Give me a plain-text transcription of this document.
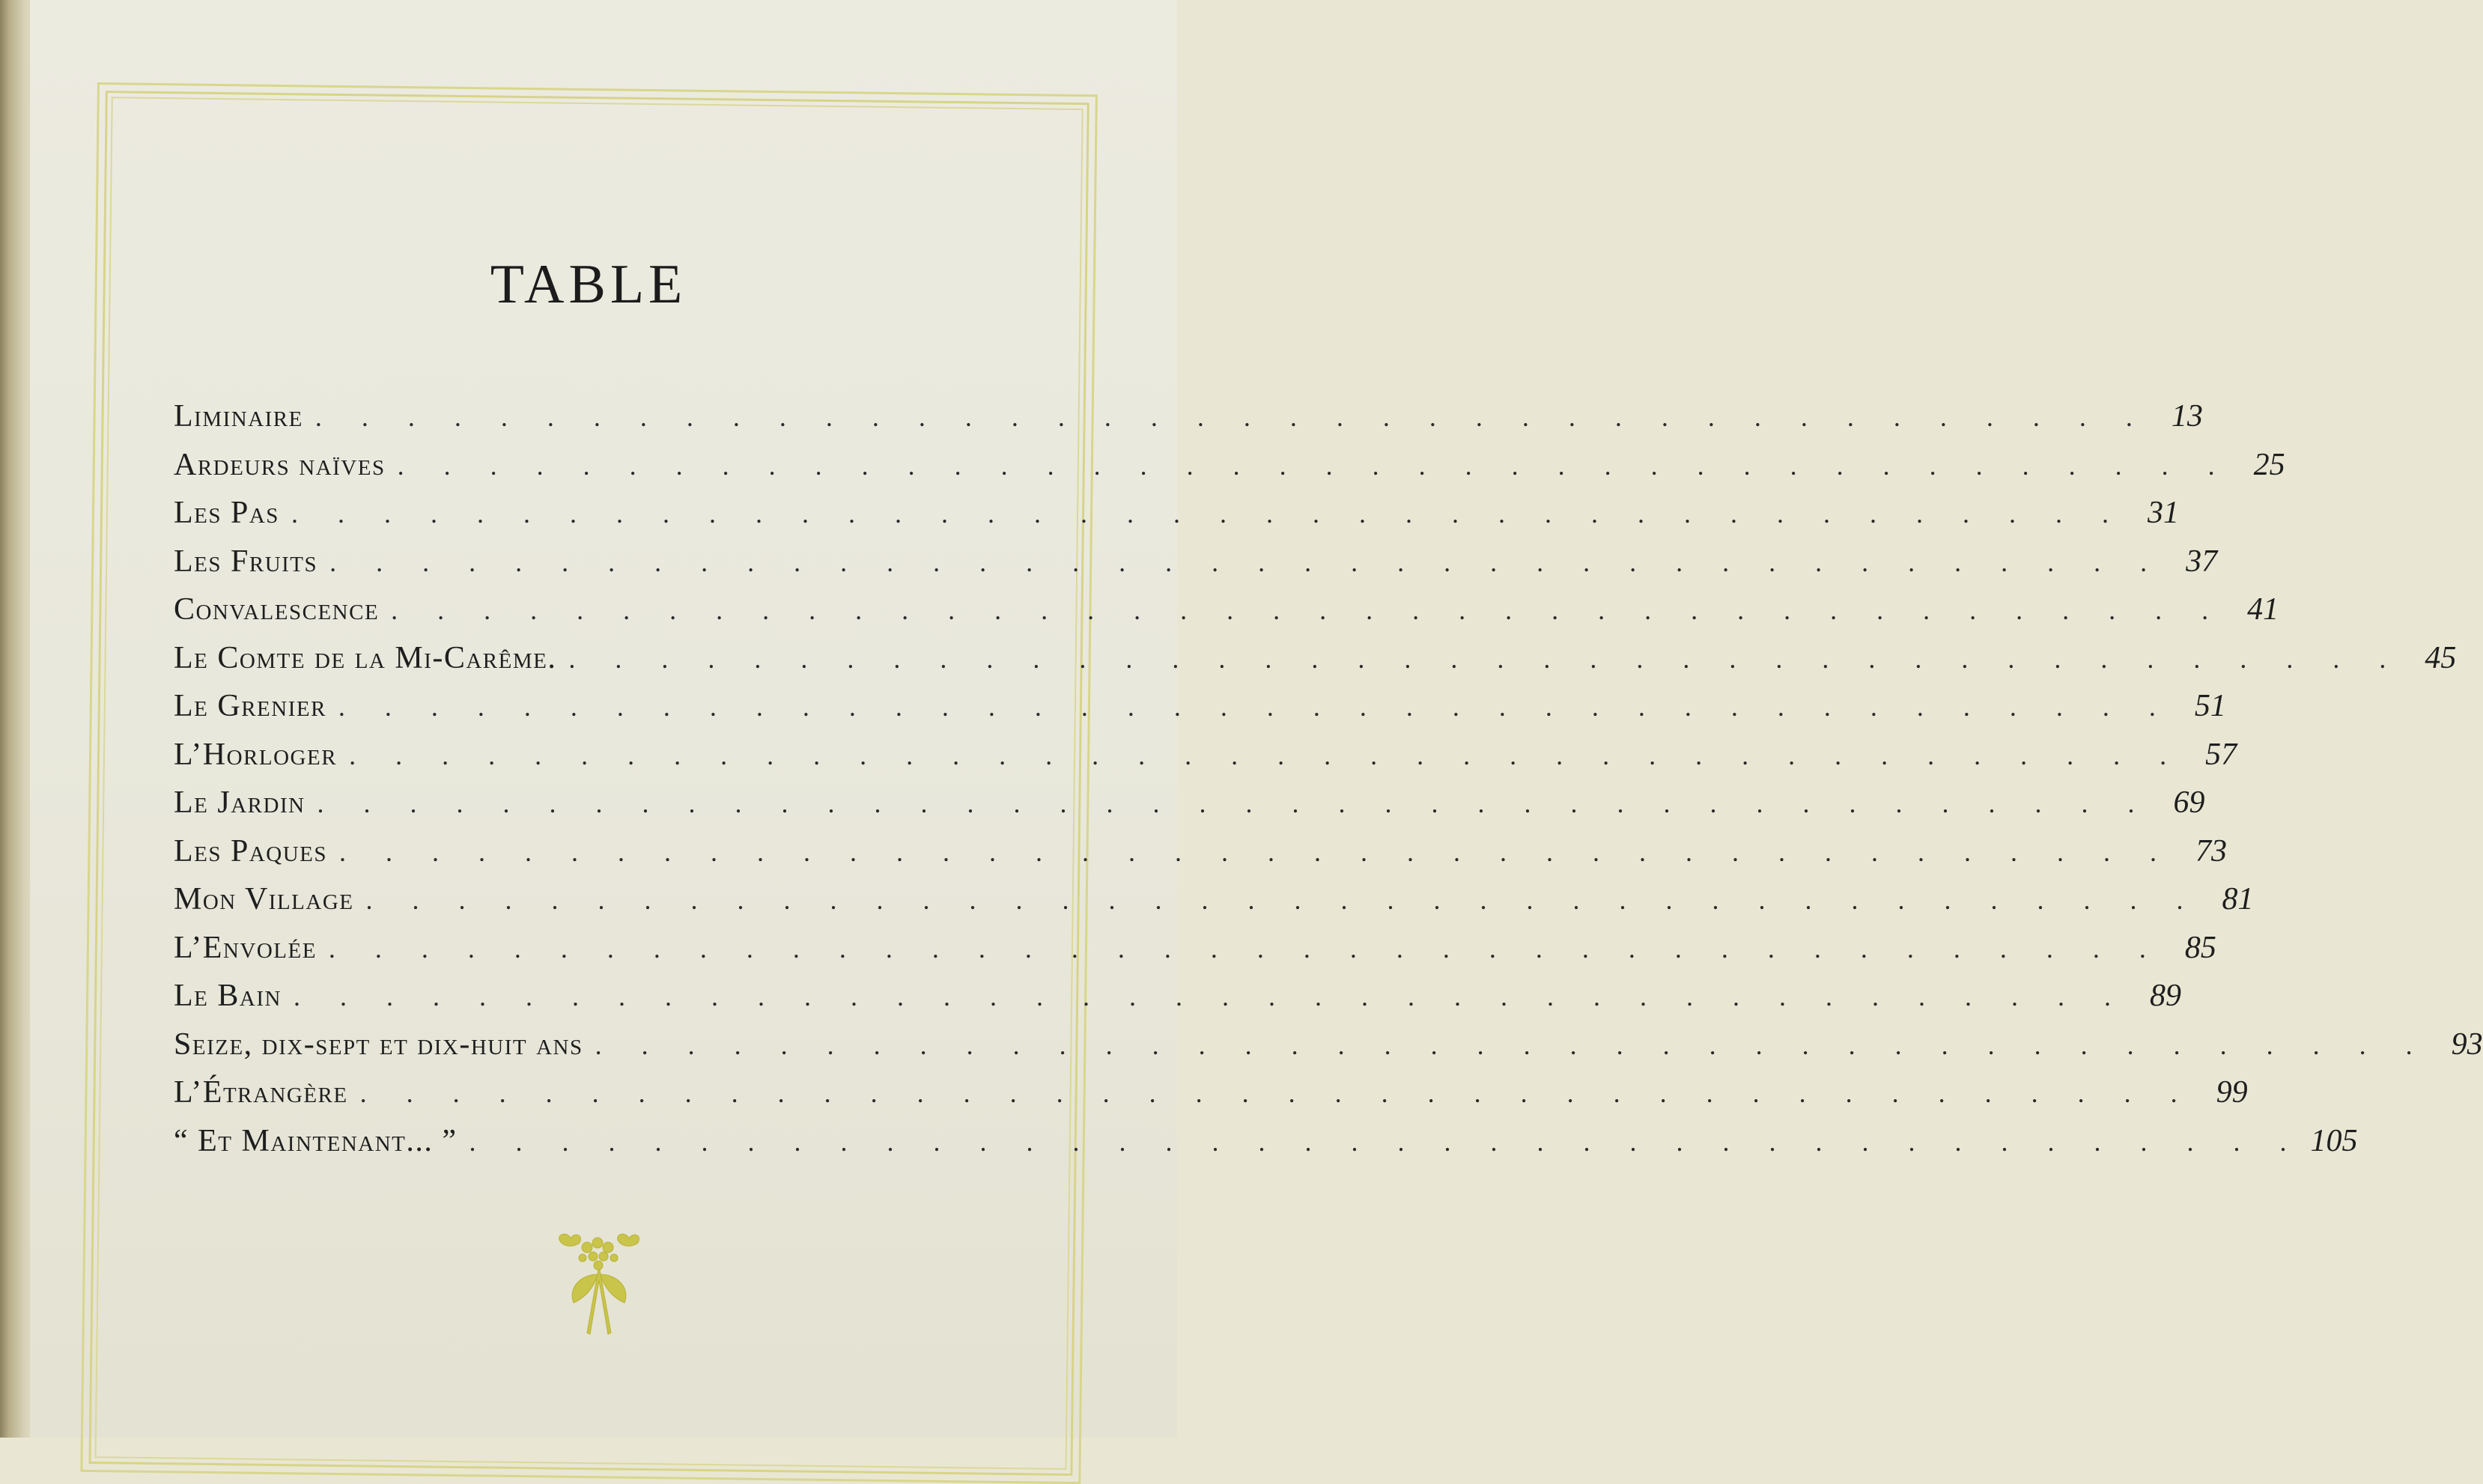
TABLE
Liminaire . . . . . . . . . . . . . . . . . . . . . . . . . . . . . . . . . . . . . . . . 13
Ardeurs naïves . . . . . . . . . . . . . . . . . . . . . . . . . . . . . . . . . . . . . . . . 25
Les Pas . . . . . . . . . . . . . . . . . . . . . . . . . . . . . . . . . . . . . . . . 31
Les Fruits . . . . . . . . . . . . . . . . . . . . . . . . . . . . . . . . . . . . . . . . 37
Convalescence . . . . . . . . . . . . . . . . . . . . . . . . . . . . . . . . . . . . . . . . 41
Le Comte de la Mi-Carême. . . . . . . . . . . . . . . . . . . . . . . . . . . . . . . . . . . . . . . . . 45
Le Grenier . . . . . . . . . . . . . . . . . . . . . . . . . . . . . . . . . . . . . . . . 51
L’Horloger . . . . . . . . . . . . . . . . . . . . . . . . . . . . . . . . . . . . . . . . 57
Le Jardin . . . . . . . . . . . . . . . . . . . . . . . . . . . . . . . . . . . . . . . . 69
Les Paques . . . . . . . . . . . . . . . . . . . . . . . . . . . . . . . . . . . . . . . . 73
Mon Village . . . . . . . . . . . . . . . . . . . . . . . . . . . . . . . . . . . . . . . . 81
L’Envolée . . . . . . . . . . . . . . . . . . . . . . . . . . . . . . . . . . . . . . . . 85
Le Bain . . . . . . . . . . . . . . . . . . . . . . . . . . . . . . . . . . . . . . . . 89
Seize, dix-sept et dix-huit ans . . . . . . . . . . . . . . . . . . . . . . . . . . . . . . . . . . . . . . . . 93
L’Étrangère . . . . . . . . . . . . . . . . . . . . . . . . . . . . . . . . . . . . . . . . 99
“ Et Maintenant... ” . . . . . . . . . . . . . . . . . . . . . . . . . . . . . . . . . . . . . . . . 105
